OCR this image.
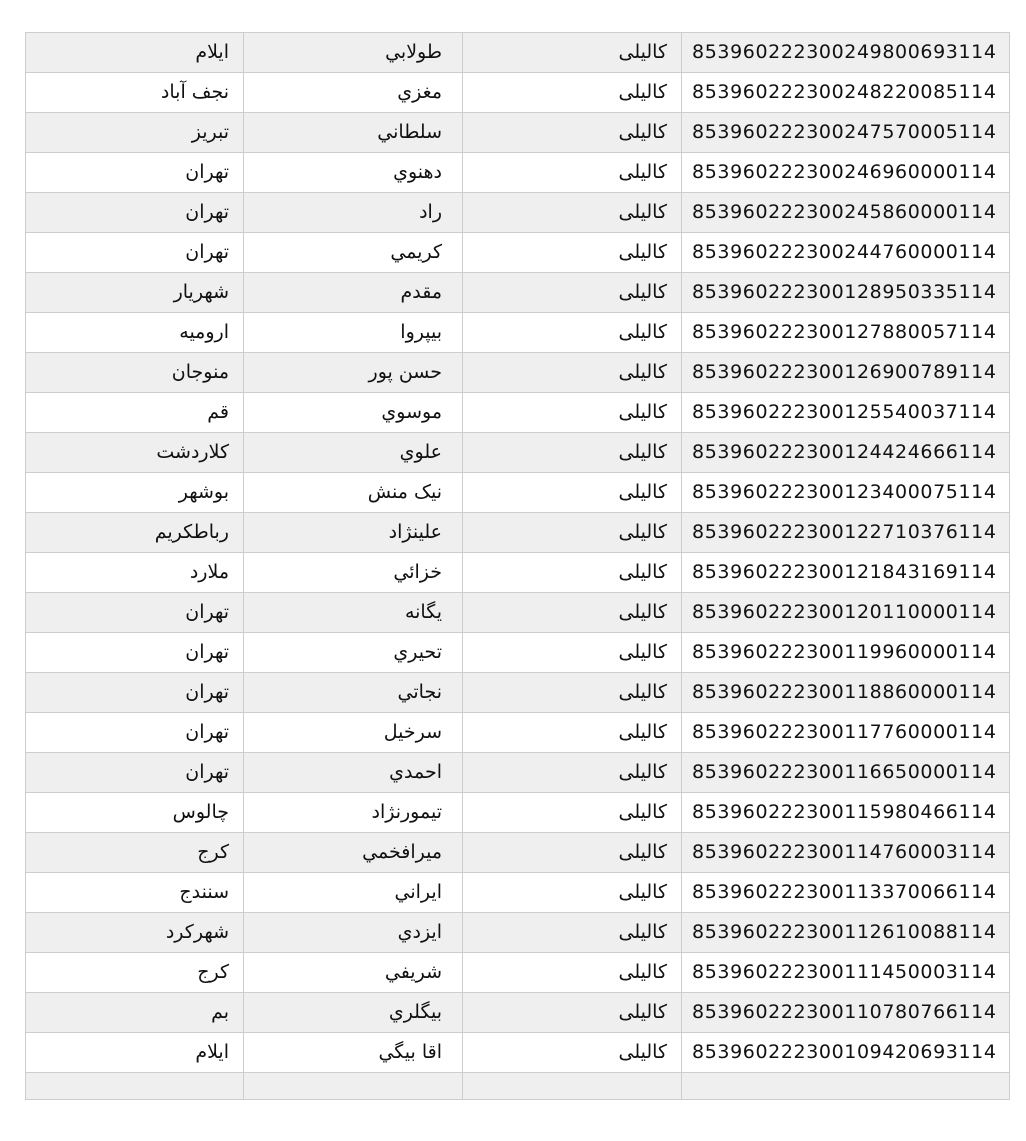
ایلام	طولابي	کالیلی	853960222300249800693114
نجف آباد	مغزي	کالیلی	853960222300248220085114
تبریز	سلطاني	کالیلی	853960222300247570005114
تهران	دهنوي	کالیلی	853960222300246960000114
تهران	راد	کالیلی	853960222300245860000114
تهران	کریمي	کالیلی	853960222300244760000114
شهریار	مقدم	کالیلی	853960222300128950335114
ارومیه	بیپروا	کالیلی	853960222300127880057114
منوجان	حسن پور	کالیلی	853960222300126900789114
قم	موسوي	کالیلی	853960222300125540037114
کلاردشت	علوي	کالیلی	853960222300124424666114
بوشهر	نیک منش	کالیلی	853960222300123400075114
رباطکریم	علینژاد	کالیلی	853960222300122710376114
ملارد	خزائي	کالیلی	853960222300121843169114
تهران	یگانه	کالیلی	853960222300120110000114
تهران	تحیري	کالیلی	853960222300119960000114
تهران	نجاتي	کالیلی	853960222300118860000114
تهران	سرخیل	کالیلی	853960222300117760000114
تهران	احمدي	کالیلی	853960222300116650000114
چالوس	تیمورنژاد	کالیلی	853960222300115980466114
کرج	میرافخمي	کالیلی	853960222300114760003114
سنندج	ایراني	کالیلی	853960222300113370066114
شهرکرد	ایزدي	کالیلی	853960222300112610088114
کرج	شریفي	کالیلی	853960222300111450003114
بم	بیگلري	کالیلی	853960222300110780766114
ایلام	اقا بیگي	کالیلی	853960222300109420693114
